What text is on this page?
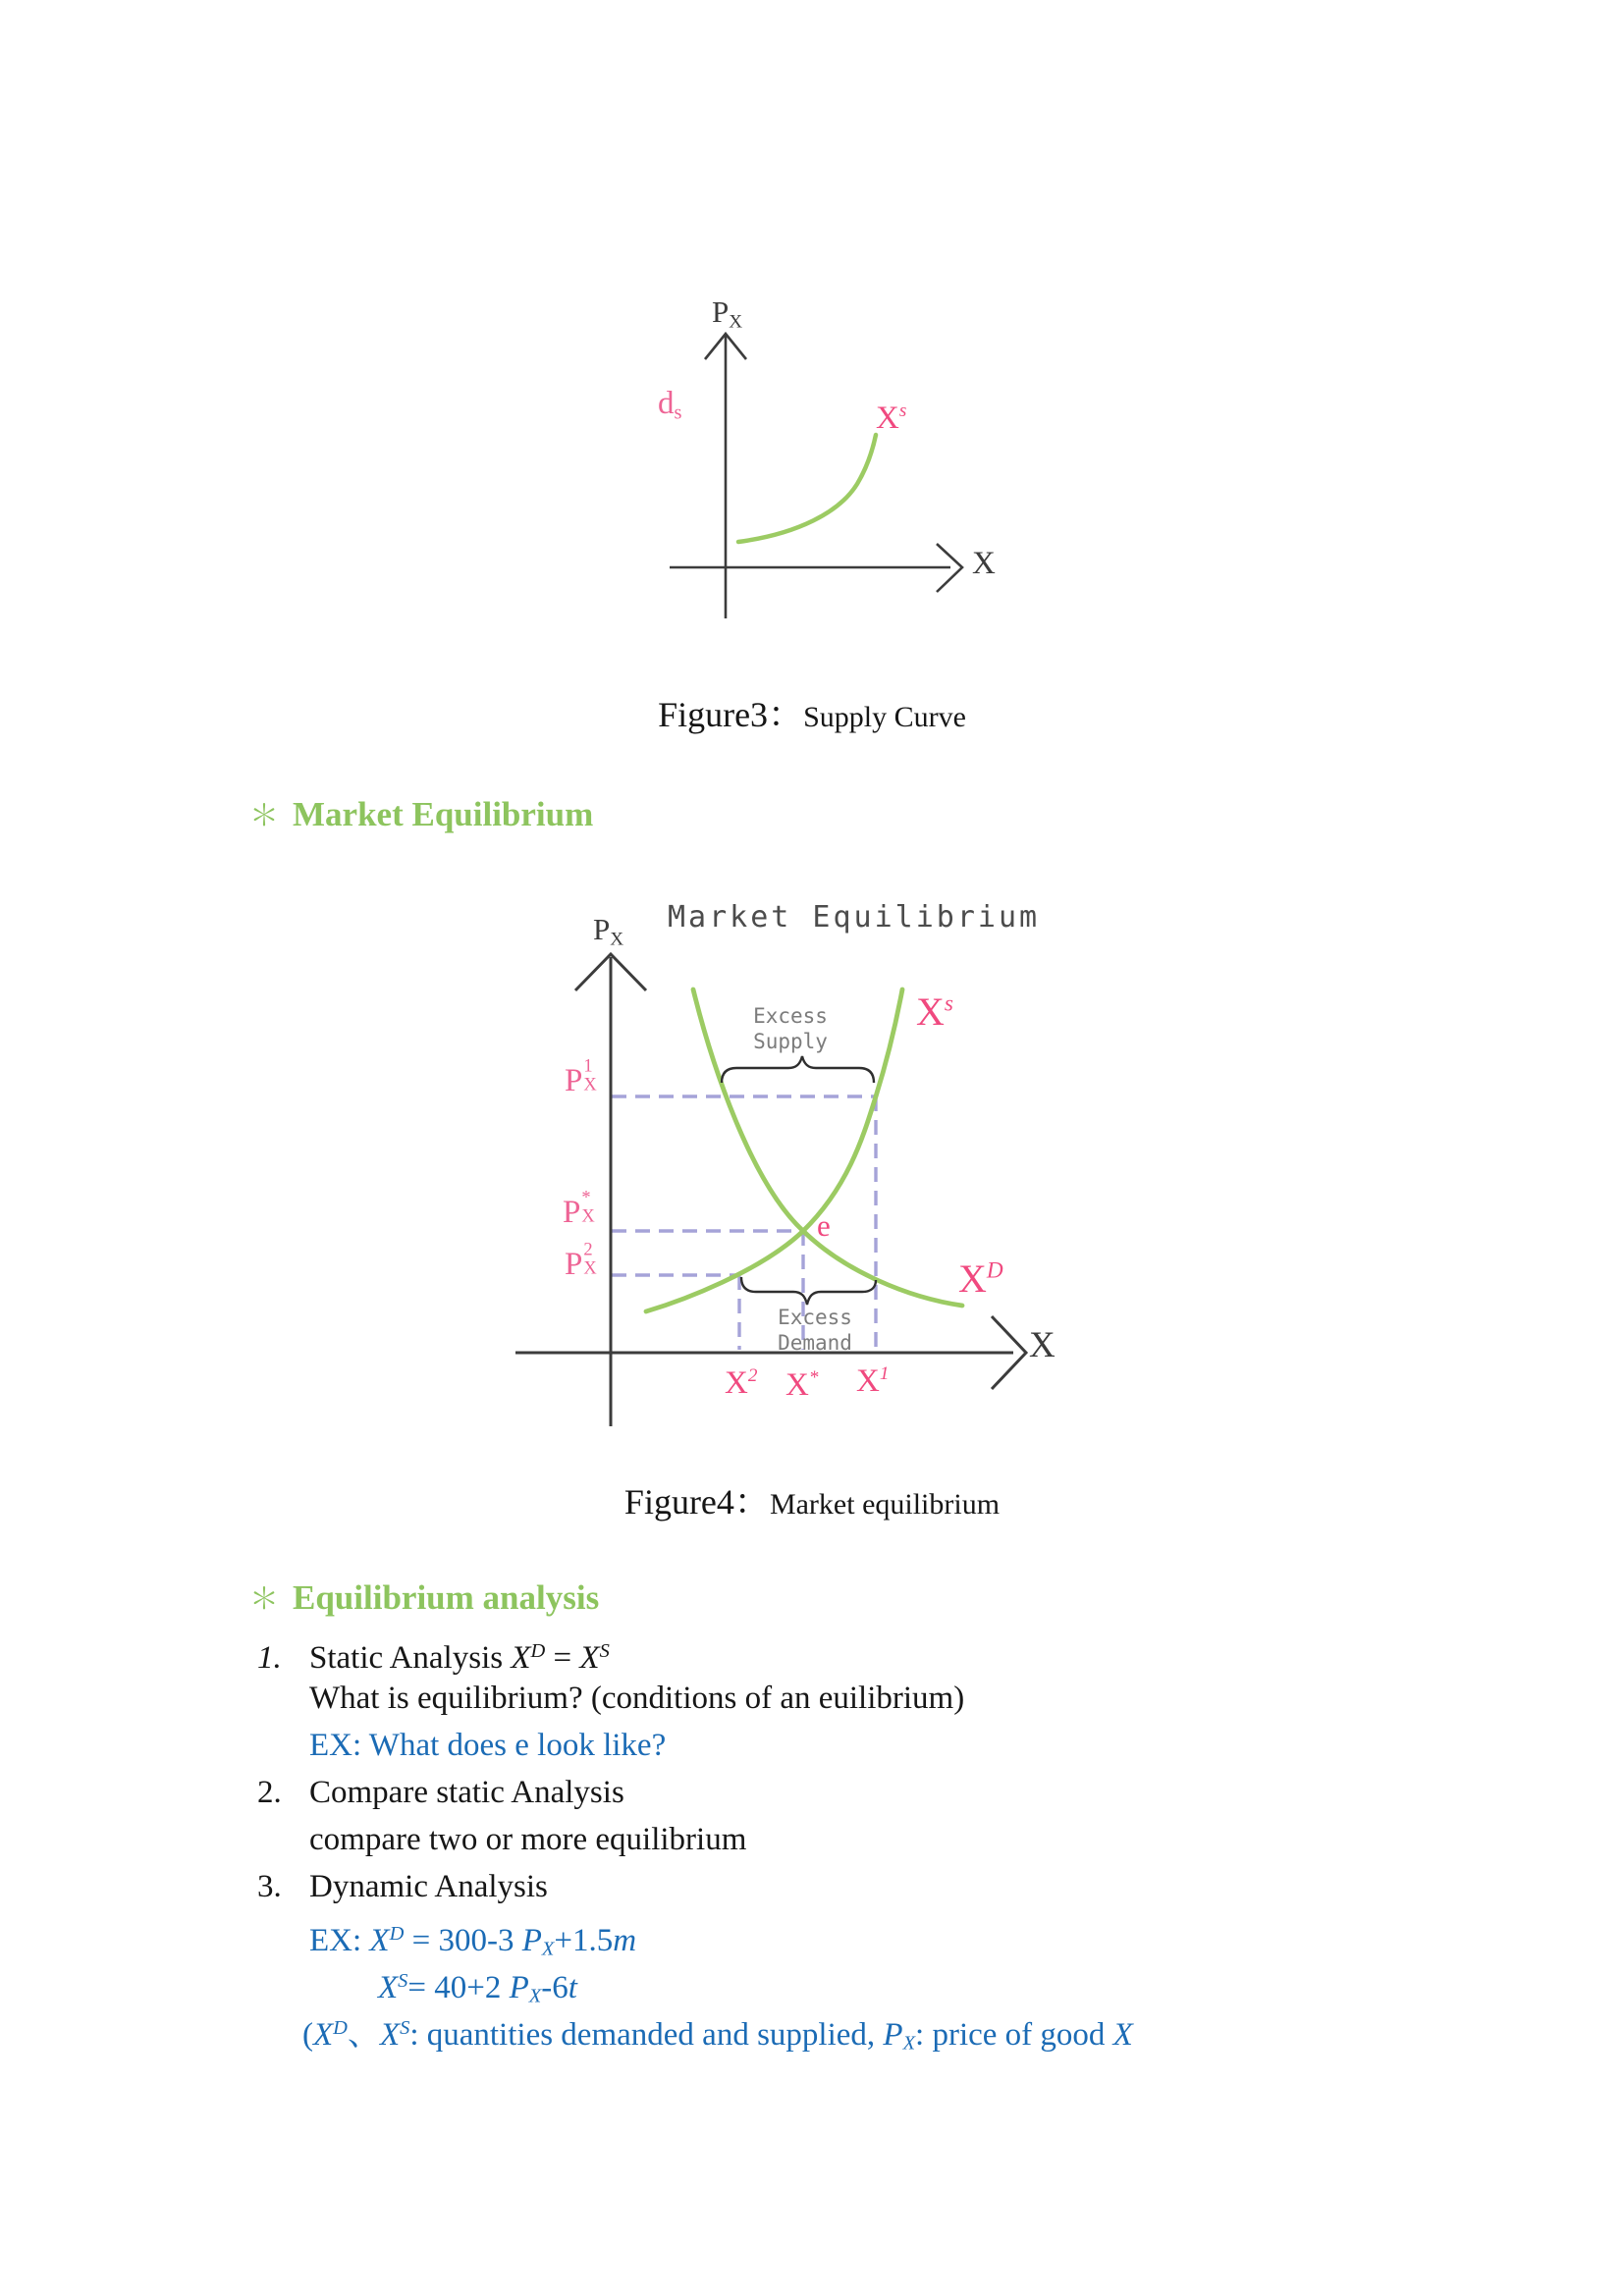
$P_X$
$d_s$	$X^s$
X
Figure3：Supply Curve
＊ Market Equilibrium
$P_X$
Market Equilibrium
Excess
Supply
$X^s$
P 1
X
P *
X
P 2
X
e
Excess
Demand
$X^D$
X
$X^2$ X* $X^1$
Figure4：Market equilibrium
＊ Equilibrium analysis
1. Static Analysis $X^D = X^S$
What is equilibrium? (conditions of an euilibrium)
EX: What does e look like?
2. Compare static Analysis
compare two or more equilibrium
3. Dynamic Analysis
EX: $X^D = 300-3$ PX+1.5m
$X^S= 40+2$ PX-6t
($X^D$、$X^S$: quantities demanded and supplied, PX: price of good X
